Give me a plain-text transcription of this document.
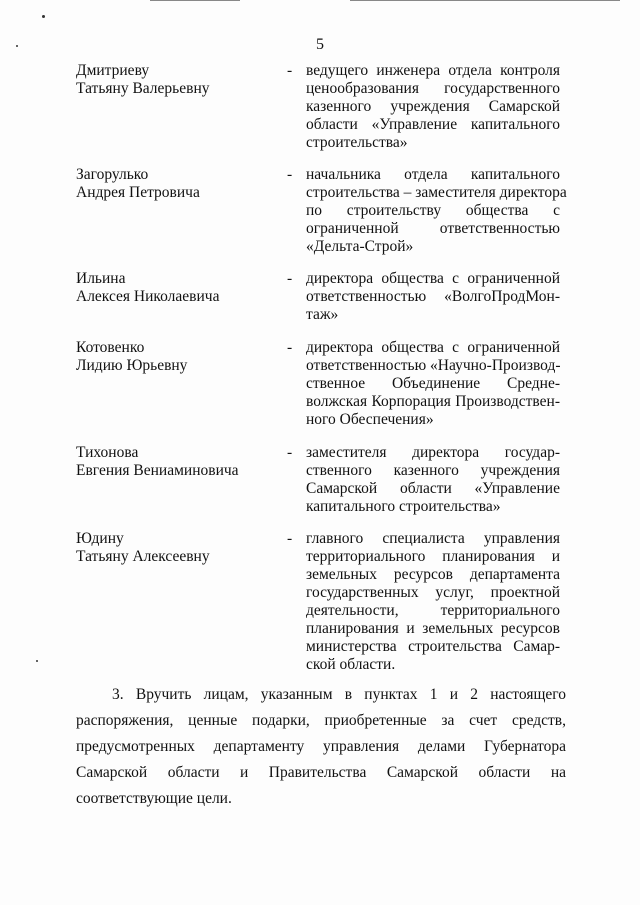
5
Дмитриеву
Татьяну Валерьевну
- ведущего инженера отдела контроля
ценообразования государственного
казенного учреждения Самарской
области «Управление капитального
строительства»
Загорулько
Андрея Петровича
- начальника отдела капитального
строительства – заместителя директора
по строительству общества с
ограниченной ответственностью
«Дельта-Строй»
Ильина
Алексея Николаевича
- директора общества с ограниченной
ответственностью «ВолгоПродМон-
таж»
Котовенко
Лидию Юрьевну
- директора общества с ограниченной
ответственностью «Научно-Производ-
ственное Объединение Средне-
волжская Корпорация Производствен-
ного Обеспечения»
Тихонова
Евгения Вениаминовича
- заместителя директора государ-
ственного казенного учреждения
Самарской области «Управление
капитального строительства»
Юдину
Татьяну Алексеевну
- главного специалиста управления
территориального планирования и
земельных ресурсов департамента
государственных услуг, проектной
деятельности, территориального
планирования и земельных ресурсов
министерства строительства Самар-
ской области.
3. Вручить лицам, указанным в пунктах 1 и 2 настоящего
распоряжения, ценные подарки, приобретенные за счет средств,
предусмотренных департаменту управления делами Губернатора
Самарской области и Правительства Самарской области на
соответствующие цели.
